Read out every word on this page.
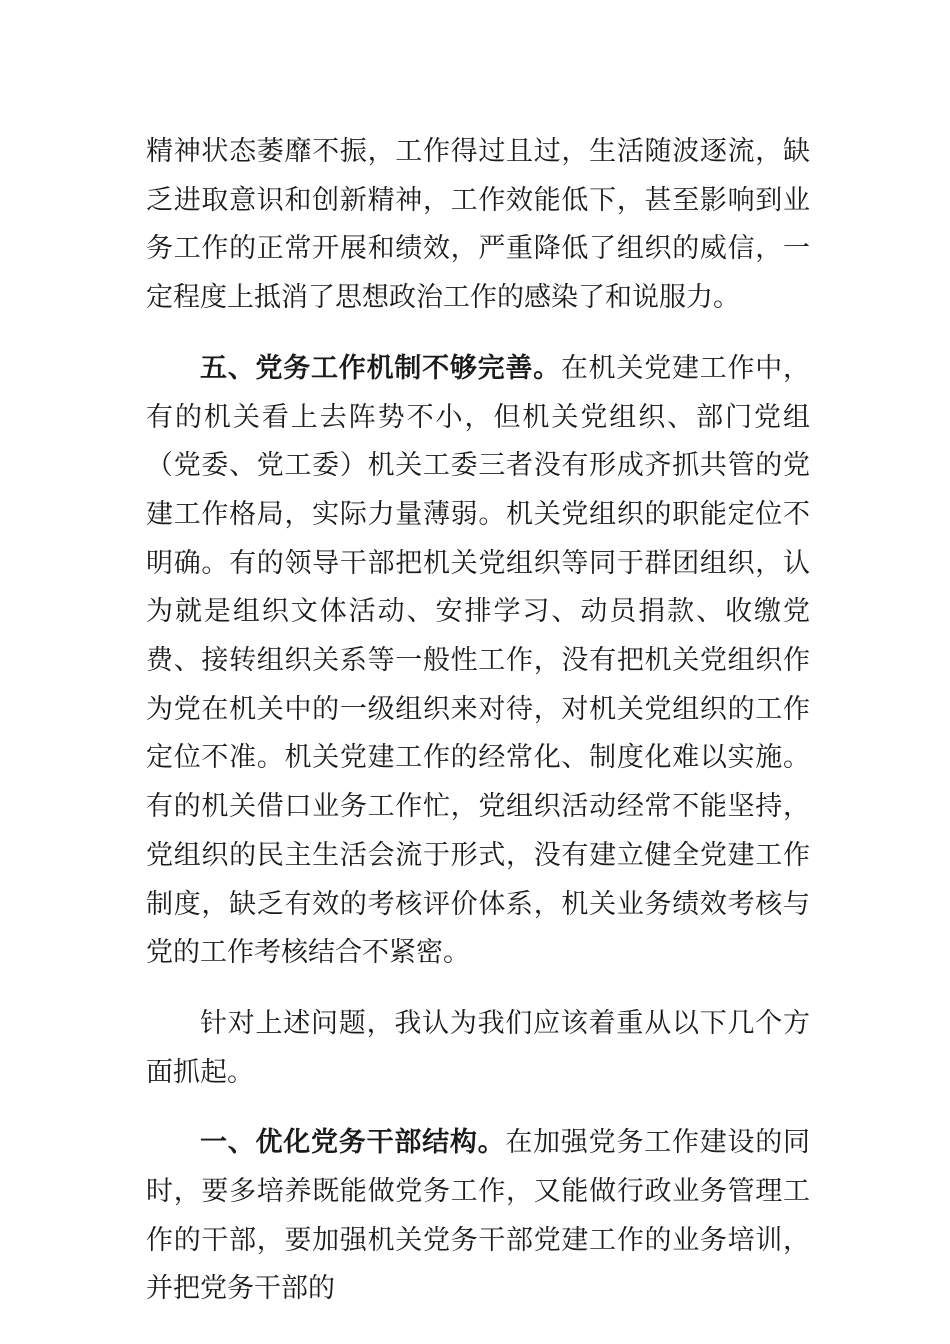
精神状态萎靡不振，工作得过且过，生活随波逐流，缺乏进取意识和创新精神，工作效能低下，甚至影响到业务工作的正常开展和绩效，严重降低了组织的威信，一定程度上抵消了思想政治工作的感染了和说服力。

五、党务工作机制不够完善。在机关党建工作中，有的机关看上去阵势不小，但机关党组织、部门党组（党委、党工委）机关工委三者没有形成齐抓共管的党建工作格局，实际力量薄弱。机关党组织的职能定位不明确。有的领导干部把机关党组织等同于群团组织，认为就是组织文体活动、安排学习、动员捐款、收缴党费、接转组织关系等一般性工作，没有把机关党组织作为党在机关中的一级组织来对待，对机关党组织的工作定位不准。机关党建工作的经常化、制度化难以实施。有的机关借口业务工作忙，党组织活动经常不能坚持，党组织的民主生活会流于形式，没有建立健全党建工作制度，缺乏有效的考核评价体系，机关业务绩效考核与党的工作考核结合不紧密。

针对上述问题，我认为我们应该着重从以下几个方面抓起。

一、优化党务干部结构。在加强党务工作建设的同时，要多培养既能做党务工作，又能做行政业务管理工作的干部，要加强机关党务干部党建工作的业务培训，并把党务干部的
